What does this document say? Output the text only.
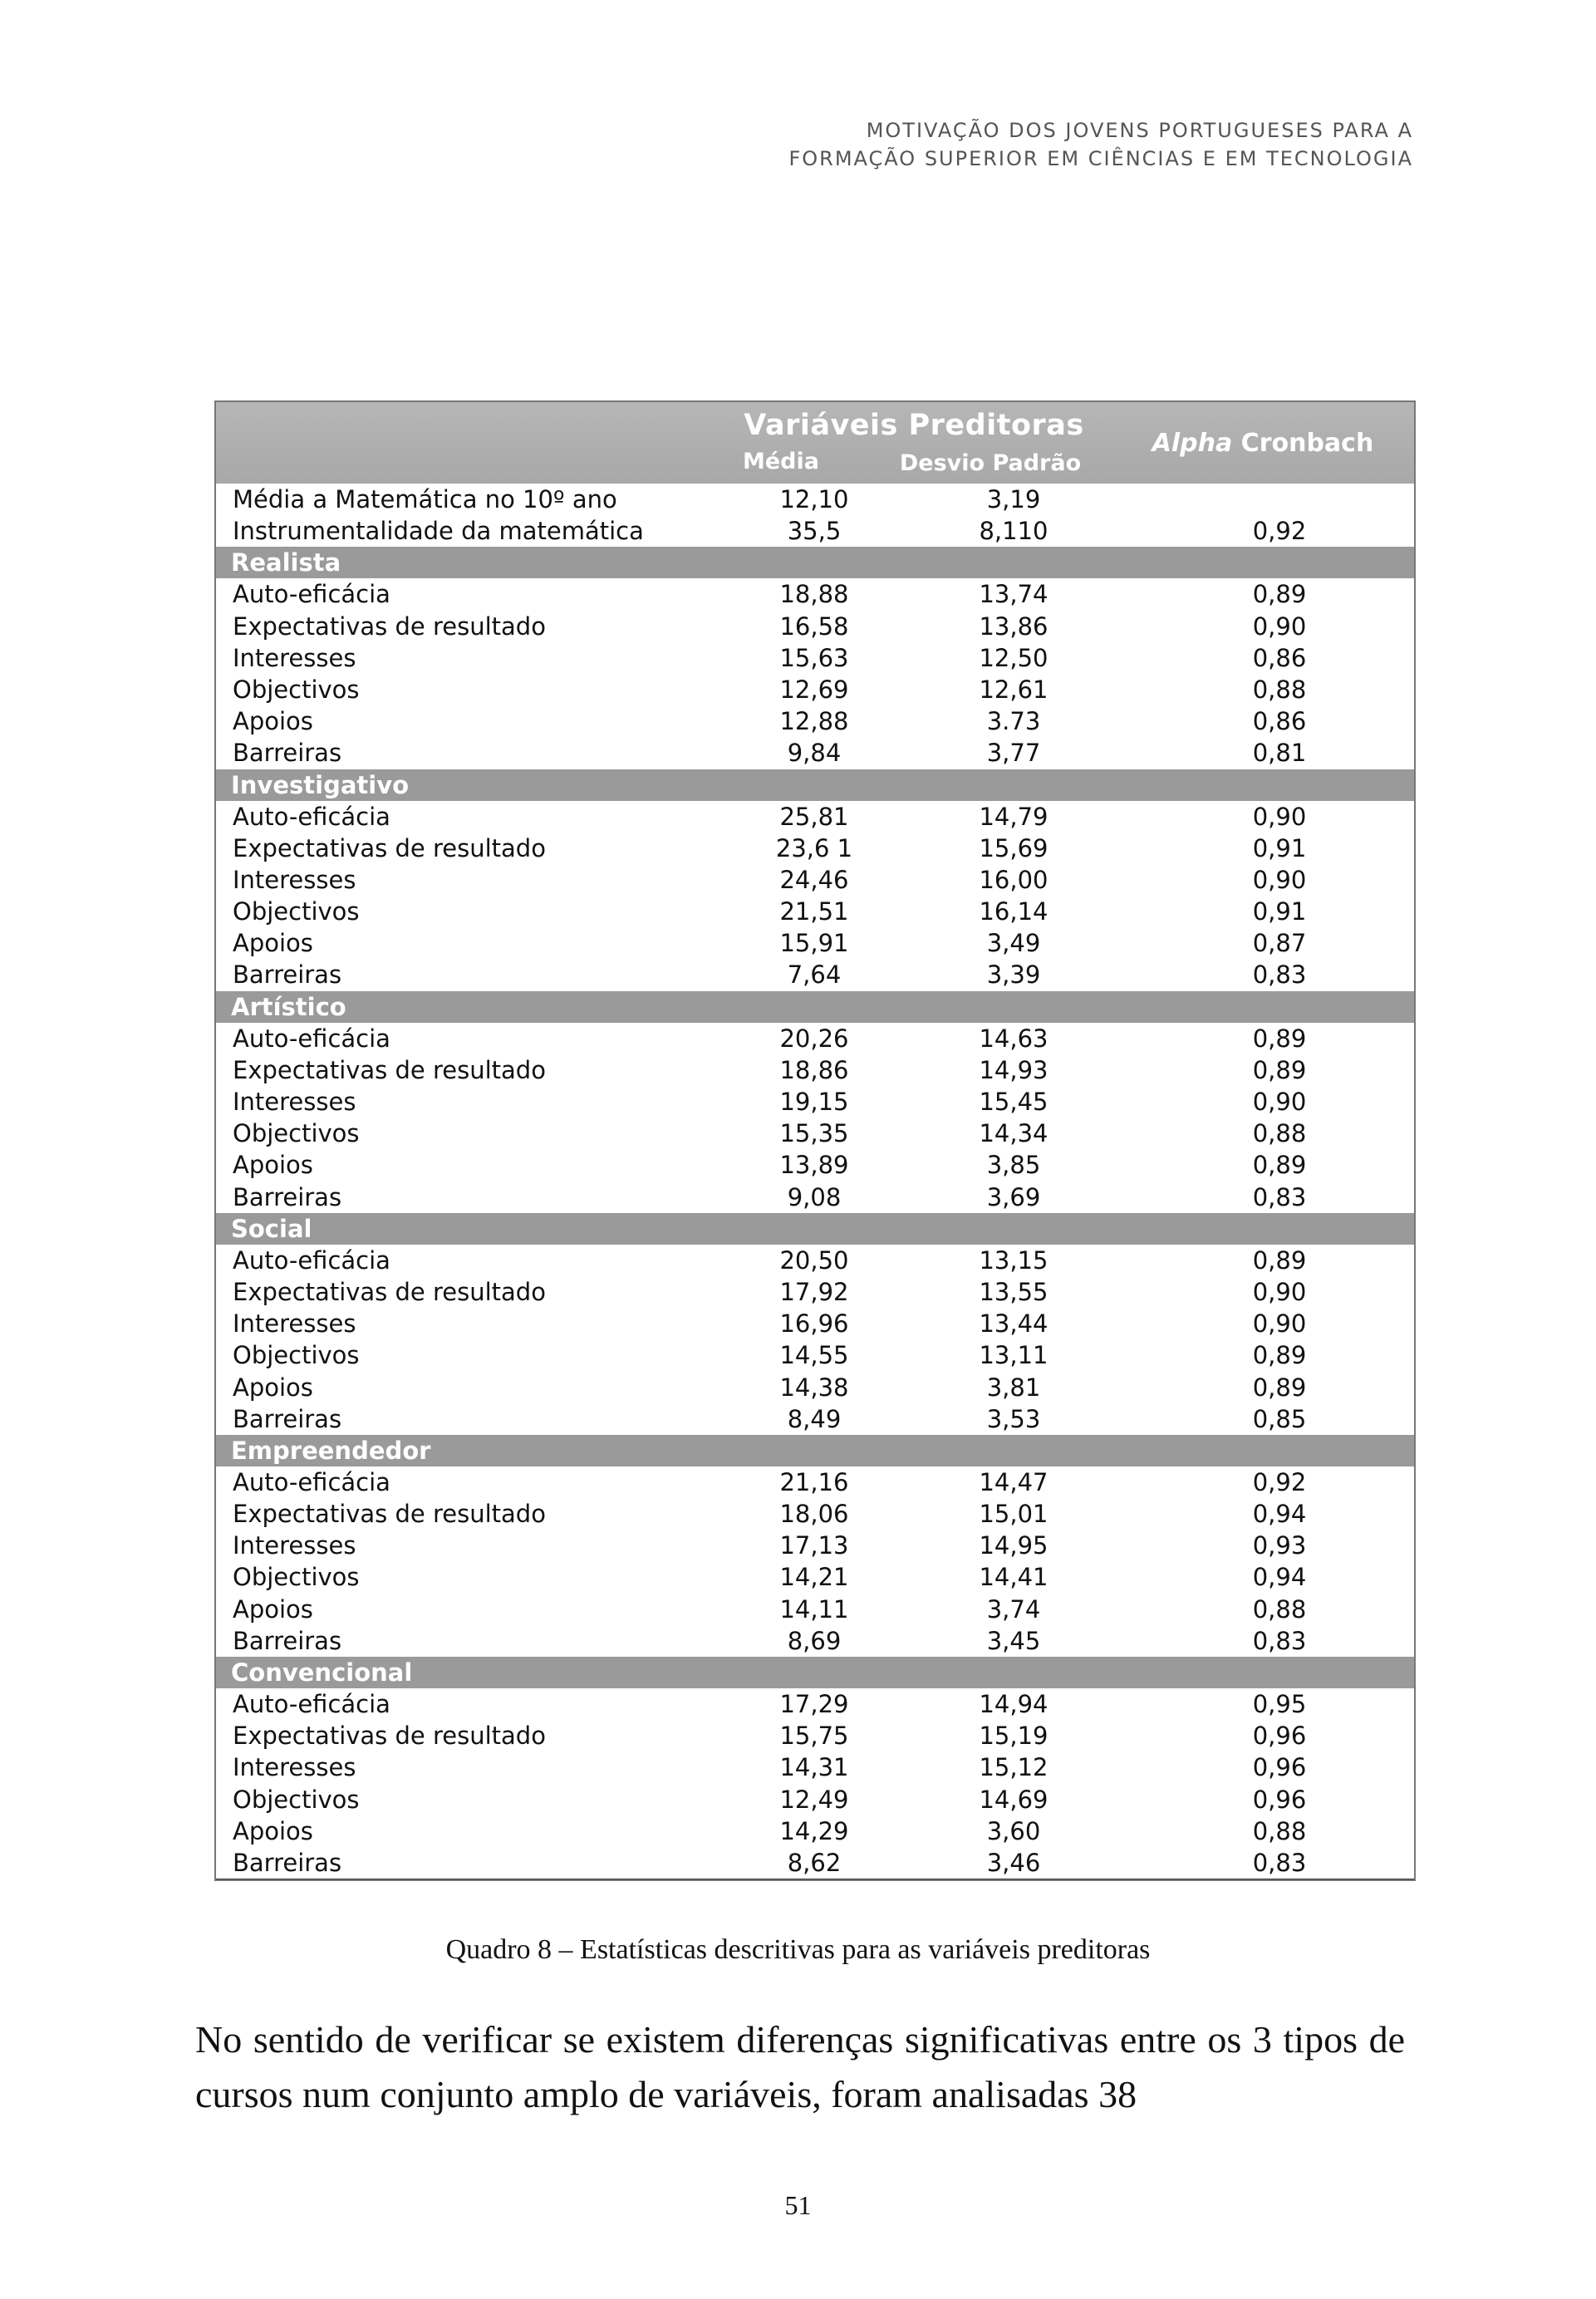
MOTIVAÇÃO DOS JOVENS PORTUGUESES PARA A
FORMAÇÃO SUPERIOR EM CIÊNCIAS E EM TECNOLOGIA
Variáveis Preditoras
Média	Desvio Padrão
Alpha Cronbach
Média a Matemática no 10º ano	12,10	3,19
Instrumentalidade da matemática	35,5	8,110	0,92
Realista
Auto-eficácia	18,88	13,74	0,89
Expectativas de resultado	16,58	13,86	0,90
Interesses	15,63	12,50	0,86
Objectivos	12,69	12,61	0,88
Apoios	12,88	3.73	0,86
Barreiras	9,84	3,77	0,81
Investigativo
Auto-eficácia	25,81	14,79	0,90
Expectativas de resultado	23,6 1	15,69	0,91
Interesses	24,46	16,00	0,90
Objectivos	21,51	16,14	0,91
Apoios	15,91	3,49	0,87
Barreiras	7,64	3,39	0,83
Artístico
Auto-eficácia	20,26	14,63	0,89
Expectativas de resultado	18,86	14,93	0,89
Interesses	19,15	15,45	0,90
Objectivos	15,35	14,34	0,88
Apoios	13,89	3,85	0,89
Barreiras	9,08	3,69	0,83
Social
Auto-eficácia	20,50	13,15	0,89
Expectativas de resultado	17,92	13,55	0,90
Interesses	16,96	13,44	0,90
Objectivos	14,55	13,11	0,89
Apoios	14,38	3,81	0,89
Barreiras	8,49	3,53	0,85
Empreendedor
Auto-eficácia	21,16	14,47	0,92
Expectativas de resultado	18,06	15,01	0,94
Interesses	17,13	14,95	0,93
Objectivos	14,21	14,41	0,94
Apoios	14,11	3,74	0,88
Barreiras	8,69	3,45	0,83
Convencional
Auto-eficácia	17,29	14,94	0,95
Expectativas de resultado	15,75	15,19	0,96
Interesses	14,31	15,12	0,96
Objectivos	12,49	14,69	0,96
Apoios	14,29	3,60	0,88
Barreiras	8,62	3,46	0,83
Quadro 8 – Estatísticas descritivas para as variáveis preditoras
No sentido de verificar se existem diferenças significativas entre os 3 tipos de cursos num conjunto amplo de variáveis, foram analisadas 38
51
